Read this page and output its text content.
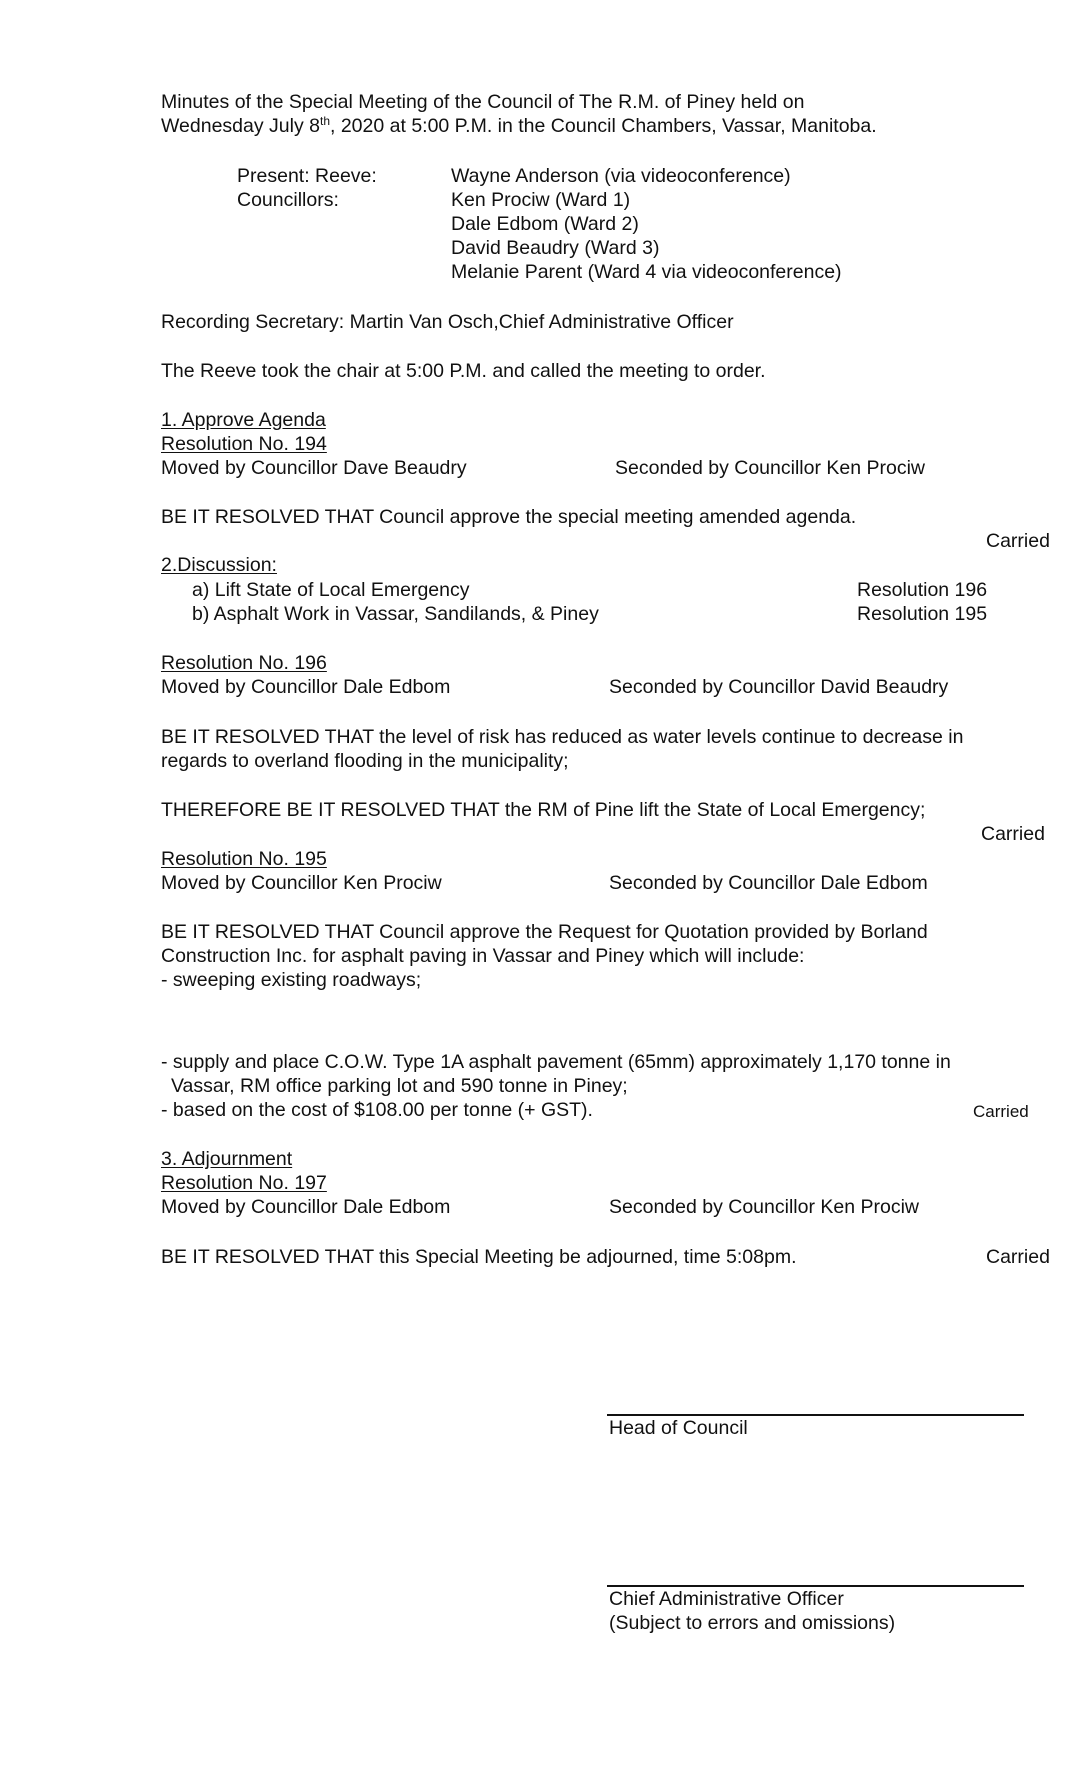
Minutes of the Special Meeting of the Council of The R.M. of Piney held on
Wednesday July 8th, 2020 at 5:00 P.M. in the Council Chambers, Vassar, Manitoba.
Present: Reeve:	Wayne Anderson (via videoconference)
Councillors:	Ken Prociw (Ward 1)
Dale Edbom (Ward 2)
David Beaudry (Ward 3)
Melanie Parent (Ward 4 via videoconference)
Recording Secretary: Martin Van Osch,Chief Administrative Officer
The Reeve took the chair at 5:00 P.M. and called the meeting to order.
1. Approve Agenda
Resolution No. 194
Moved by Councillor Dave Beaudry	Seconded by Councillor Ken Prociw
BE IT RESOLVED THAT Council approve the special meeting amended agenda.
Carried
2.Discussion:
a) Lift State of Local Emergency	Resolution 196
b) Asphalt Work in Vassar, Sandilands, & Piney	Resolution 195
Resolution No. 196
Moved by Councillor Dale Edbom	Seconded by Councillor David Beaudry
BE IT RESOLVED THAT the level of risk has reduced as water levels continue to decrease in
regards to overland flooding in the municipality;
THEREFORE BE IT RESOLVED THAT the RM of Pine lift the State of Local Emergency;
Carried
Resolution No. 195
Moved by Councillor Ken Prociw	Seconded by Councillor Dale Edbom
BE IT RESOLVED THAT Council approve the Request for Quotation provided by Borland
Construction Inc. for asphalt paving in Vassar and Piney which will include:
- sweeping existing roadways;
- supply and place C.O.W. Type 1A asphalt pavement (65mm) approximately 1,170 tonne in
Vassar, RM office parking lot and 590 tonne in Piney;
- based on the cost of $108.00 per tonne (+ GST).	Carried
3. Adjournment
Resolution No. 197
Moved by Councillor Dale Edbom	Seconded by Councillor Ken Prociw
BE IT RESOLVED THAT this Special Meeting be adjourned, time 5:08pm.	Carried
Head of Council
Chief Administrative Officer
(Subject to errors and omissions)
